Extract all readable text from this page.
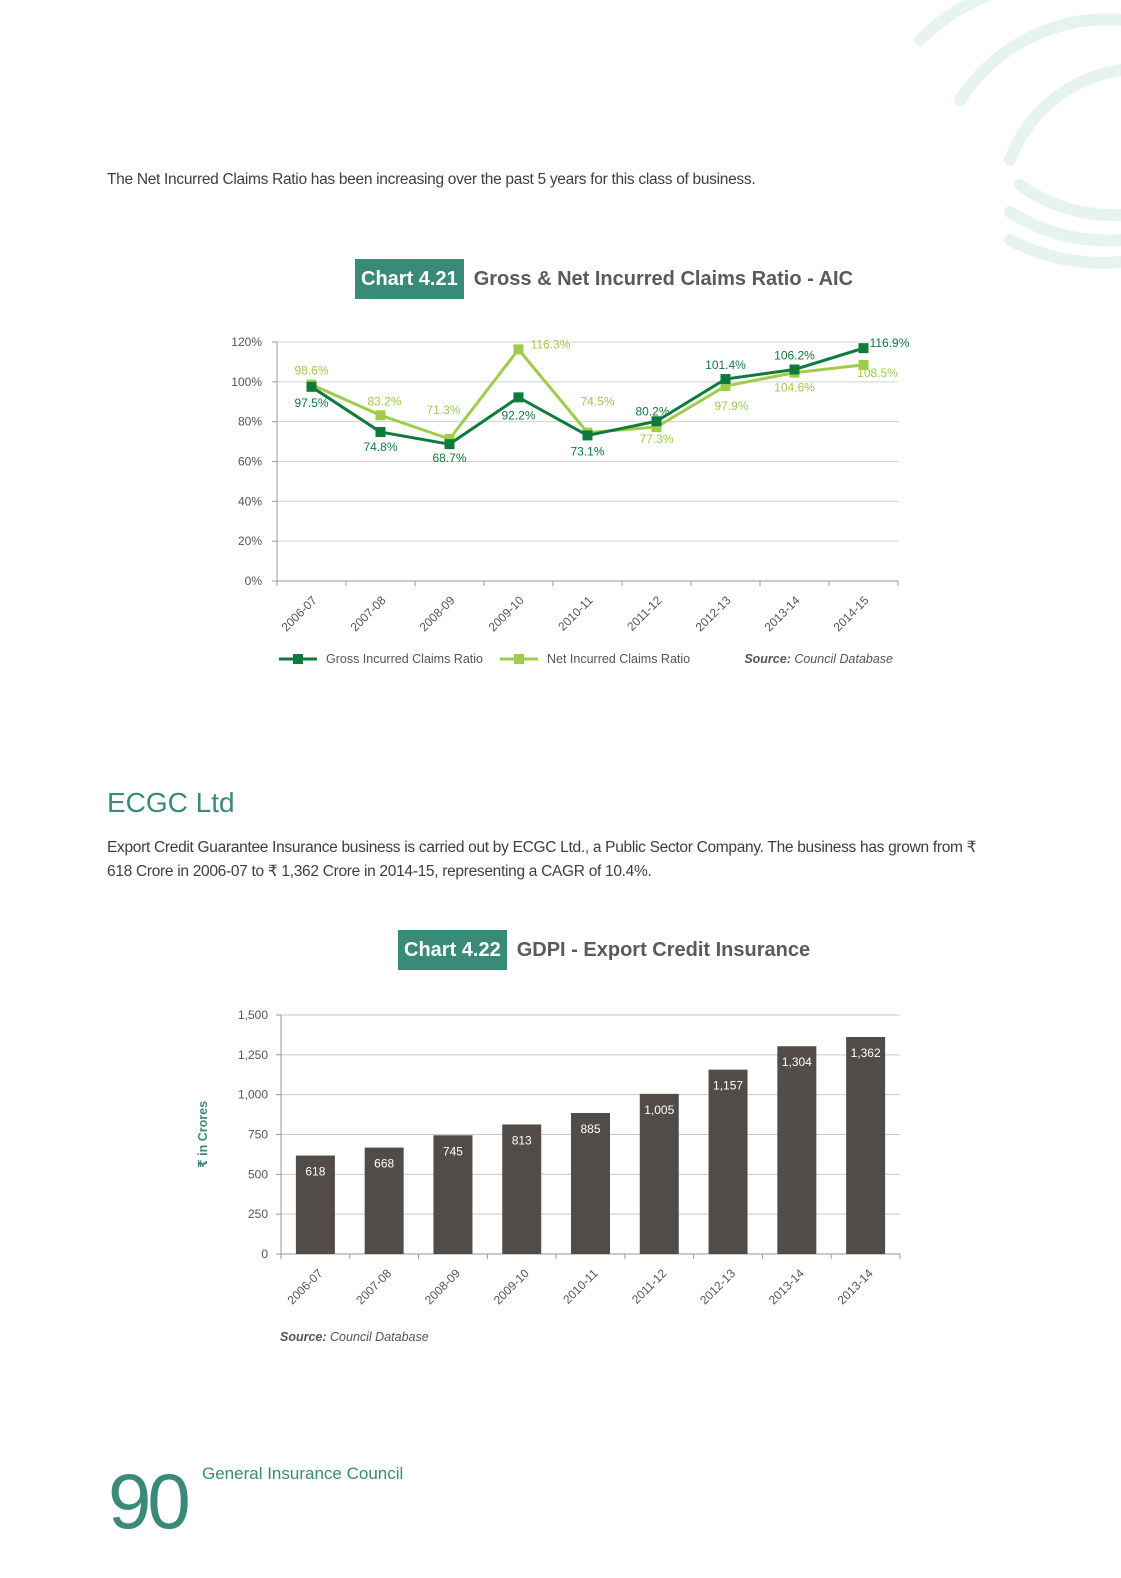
The Net Incurred Claims Ratio has been increasing over the past 5 years for this class of business.
Chart 4.21 Gross & Net Incurred Claims Ratio - AIC
0%
20%
40%
60%
80%
100%
120%
2006-07 2007-08 2008-09 2009-10 2010-11 2011-12 2012-13 2013-14 2014-15
97.5%
74.8%
68.7%
92.2%
73.1%
80.2%
101.4%
106.2%
116.9%
98.6%
83.2%
71.3%
116.3%
74.5%
77.3%
97.9%
104.6%
108.5%
Gross Incurred Claims Ratio	Net Incurred Claims Ratio	Source: Council Database
ECGC Ltd
Export Credit Guarantee Insurance business is carried out by ECGC Ltd., a Public Sector Company. The business has grown from ₹
618 Crore in 2006-07 to ₹ 1,362 Crore in 2014-15, representing a CAGR of 10.4%.
Chart 4.22 GDPI - Export Credit Insurance
0
250
500
750
1,000
1,250
1,500
618
668
745
813
885
1,005
1,157
1,304
1,362
2006-07 2007-08 2008-09 2009-10 2010-11 2011-12 2012-13 2013-14 2013-14
₹ in Crores
Source: Council Database
90 General Insurance Council
